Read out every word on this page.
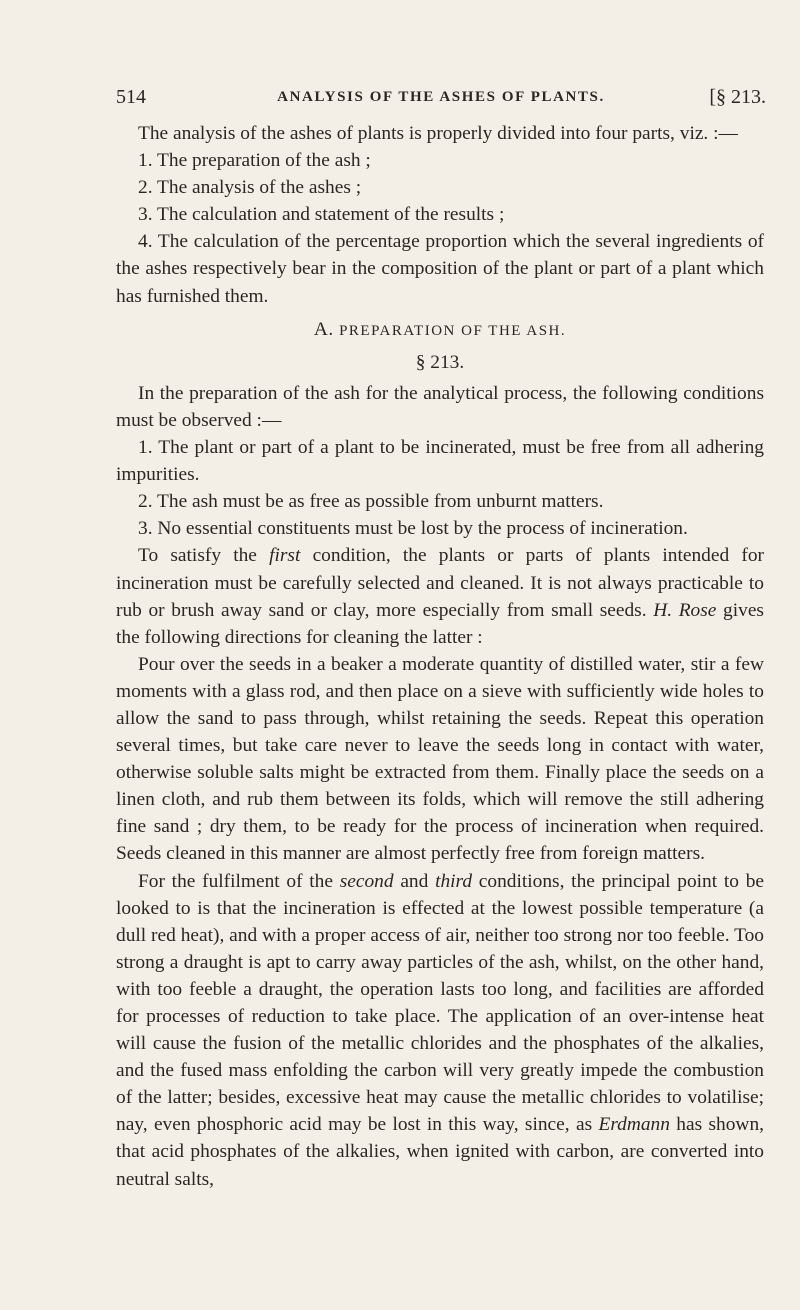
514	ANALYSIS OF THE ASHES OF PLANTS.	[§ 213.

The analysis of the ashes of plants is properly divided into four parts, viz. :—

1. The preparation of the ash ;

2. The analysis of the ashes ;

3. The calculation and statement of the results ;

4. The calculation of the percentage proportion which the several ingredients of the ashes respectively bear in the composition of the plant or part of a plant which has furnished them.

A. PREPARATION OF THE ASH.
§ 213.

In the preparation of the ash for the analytical process, the following conditions must be observed :—

1. The plant or part of a plant to be incinerated, must be free from all adhering impurities.

2. The ash must be as free as possible from unburnt matters.

3. No essential constituents must be lost by the process of incineration.

To satisfy the first condition, the plants or parts of plants intended for incineration must be carefully selected and cleaned. It is not always practicable to rub or brush away sand or clay, more especially from small seeds. H. Rose gives the following directions for cleaning the latter :

Pour over the seeds in a beaker a moderate quantity of distilled water, stir a few moments with a glass rod, and then place on a sieve with sufficiently wide holes to allow the sand to pass through, whilst retaining the seeds. Repeat this operation several times, but take care never to leave the seeds long in contact with water, otherwise soluble salts might be extracted from them. Finally place the seeds on a linen cloth, and rub them between its folds, which will remove the still adhering fine sand ; dry them, to be ready for the process of incineration when required. Seeds cleaned in this manner are almost perfectly free from foreign matters.

For the fulfilment of the second and third conditions, the principal point to be looked to is that the incineration is effected at the lowest possible temperature (a dull red heat), and with a proper access of air, neither too strong nor too feeble. Too strong a draught is apt to carry away particles of the ash, whilst, on the other hand, with too feeble a draught, the operation lasts too long, and facilities are afforded for processes of reduction to take place. The application of an over-intense heat will cause the fusion of the metallic chlorides and the phosphates of the alkalies, and the fused mass enfolding the carbon will very greatly impede the combustion of the latter; besides, excessive heat may cause the metallic chlorides to volatilise; nay, even phosphoric acid may be lost in this way, since, as Erdmann has shown, that acid phosphates of the alkalies, when ignited with carbon, are converted into neutral salts,
